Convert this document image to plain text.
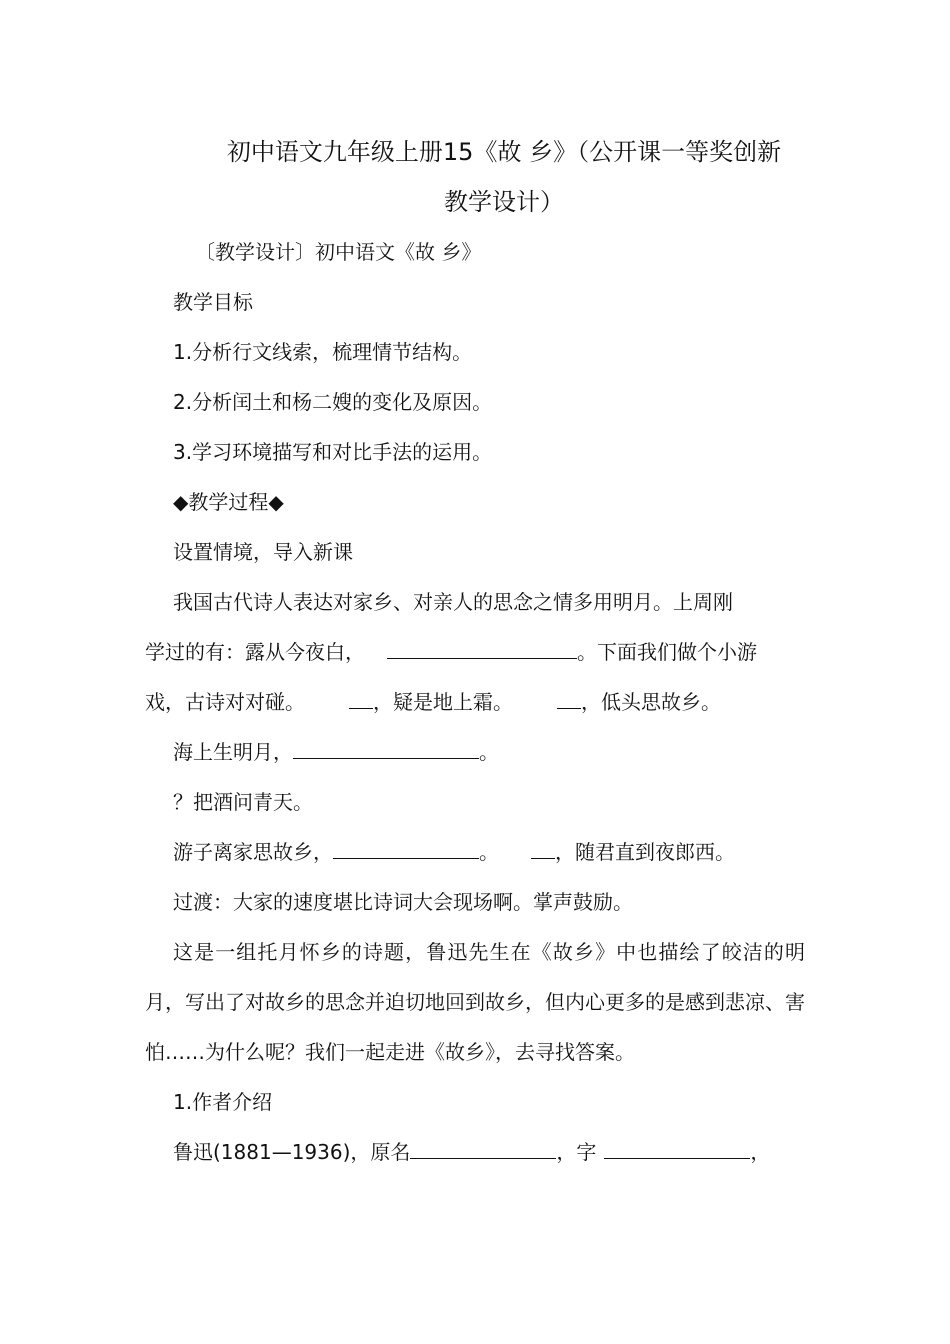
初中语文九年级上册15《故 乡》（公开课一等奖创新
教学设计）

〔教学设计〕初中语文《故 乡》

教学目标

1.分析行文线索，梳理情节结构。

2.分析闰土和杨二嫂的变化及原因。

3.学习环境描写和对比手法的运用。

◆教学过程◆

设置情境，导入新课

我国古代诗人表达对家乡、对亲人的思念之情多用明月。上周刚

学过的有：露从今夜白，	。下面我们做个小游

戏，古诗对对碰。	，疑是地上霜。	，低头思故乡。

海上生明月，	。

？把酒问青天。

游子离家思故乡，	。	，随君直到夜郎西。

过渡：大家的速度堪比诗词大会现场啊。掌声鼓励。

这是一组托月怀乡的诗题，鲁迅先生在《故乡》中也描绘了皎洁的明月，写出了对故乡的思念并迫切地回到故乡，但内心更多的是感到悲凉、害怕……为什么呢？我们一起走进《故乡》，去寻找答案。

1.作者介绍

鲁迅(1881—1936)，原名	，字	，
